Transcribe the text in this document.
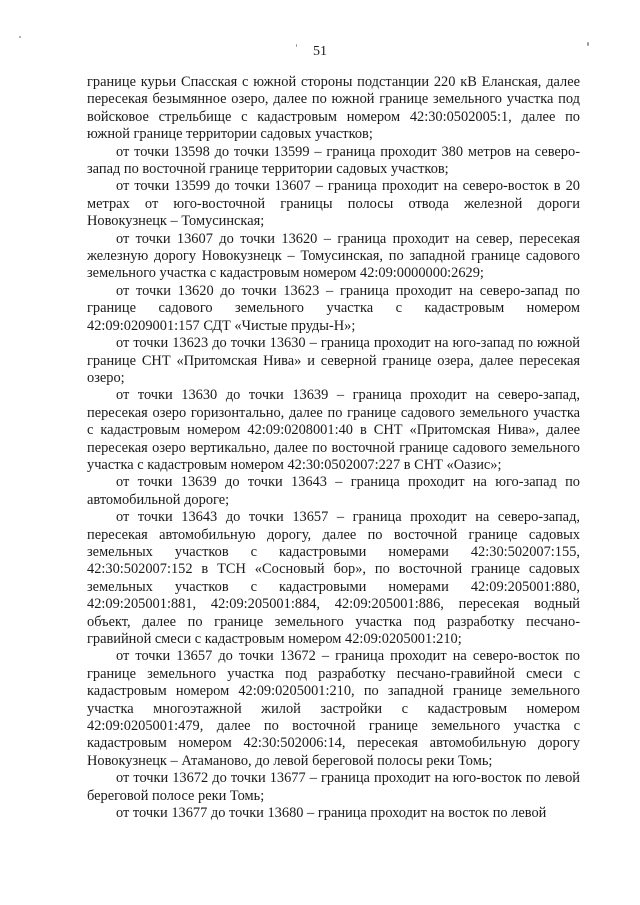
51

границе курьи Спасская с южной стороны подстанции 220 кВ Еланская, далее пересекая безымянное озеро, далее по южной границе земельного участка под войсковое стрельбище с кадастровым номером 42:30:0502005:1, далее по южной границе территории садовых участков;

от точки 13598 до точки 13599 – граница проходит 380 метров на северо-запад по восточной границе территории садовых участков;

от точки 13599 до точки 13607 – граница проходит на северо-восток в 20 метрах от юго-восточной границы полосы отвода железной дороги Новокузнецк – Томусинская;

от точки 13607 до точки 13620 – граница проходит на север, пересекая железную дорогу Новокузнецк – Томусинская, по западной границе садового земельного участка с кадастровым номером 42:09:0000000:2629;

от точки 13620 до точки 13623 – граница проходит на северо-запад по границе садового земельного участка с кадастровым номером 42:09:0209001:157 СДТ «Чистые пруды-Н»;

от точки 13623 до точки 13630 – граница проходит на юго-запад по южной границе СНТ «Притомская Нива» и северной границе озера, далее пересекая озеро;

от точки 13630 до точки 13639 – граница проходит на северо-запад, пересекая озеро горизонтально, далее по границе садового земельного участка с кадастровым номером 42:09:0208001:40 в СНТ «Притомская Нива», далее пересекая озеро вертикально, далее по восточной границе садового земельного участка с кадастровым номером 42:30:0502007:227 в СНТ «Оазис»;

от точки 13639 до точки 13643 – граница проходит на юго-запад по автомобильной дороге;

от точки 13643 до точки 13657 – граница проходит на северо-запад, пересекая автомобильную дорогу, далее по восточной границе садовых земельных участков с кадастровыми номерами 42:30:502007:155, 42:30:502007:152 в ТСН «Сосновый бор», по восточной границе садовых земельных участков с кадастровыми номерами 42:09:205001:880, 42:09:205001:881, 42:09:205001:884, 42:09:205001:886, пересекая водный объект, далее по границе земельного участка под разработку песчано-гравийной смеси с кадастровым номером 42:09:0205001:210;

от точки 13657 до точки 13672 – граница проходит на северо-восток по границе земельного участка под разработку песчано-гравийной смеси с кадастровым номером 42:09:0205001:210, по западной границе земельного участка многоэтажной жилой застройки с кадастровым номером 42:09:0205001:479, далее по восточной границе земельного участка с кадастровым номером 42:30:502006:14, пересекая автомобильную дорогу Новокузнецк – Атаманово, до левой береговой полосы реки Томь;

от точки 13672 до точки 13677 – граница проходит на юго-восток по левой береговой полосе реки Томь;

от точки 13677 до точки 13680 – граница проходит на восток по левой
